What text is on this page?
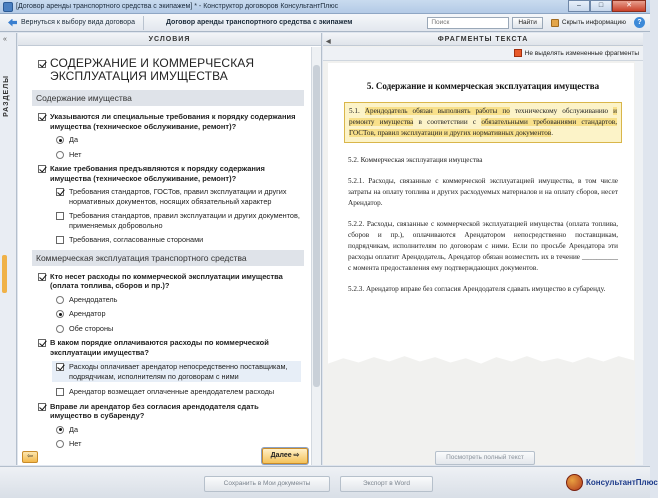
[Договор аренды транспортного средства с экипажем] * - Конструктор договоров КонсультантПлюс	–	□	✕
Вернуться к выбору вида договора	Договор аренды транспортного средства с экипажем
Поиск	Найти	Скрыть информацию	?
«
РАЗДЕЛЫ
УСЛОВИЯ
СОДЕРЖАНИЕ И КОММЕРЧЕСКАЯ ЭКСПЛУАТАЦИЯ ИМУЩЕСТВА
Содержание имущества
Указываются ли специальные требования к порядку содержания имущества (техническое обслуживание, ремонт)?
Да
Нет
Какие требования предъявляются к порядку содержания имущества (техническое обслуживание, ремонт)?
Требования стандартов, ГОСТов, правил эксплуатации и других нормативных документов, носящих обязательный характер
Требования стандартов, правил эксплуатации и других документов, применяемых добровольно
Требования, согласованные сторонами
Коммерческая эксплуатация транспортного средства
Кто несет расходы по коммерческой эксплуатации имущества (оплата топлива, сборов и пр.)?
Арендодатель
Арендатор
Обе стороны
В каком порядке оплачиваются расходы по коммерческой эксплуатации имущества?
Расходы оплачивает арендатор непосредственно поставщикам, подрядчикам, исполнителям по договорам с ними
Арендатор возмещает оплаченные арендодателем расходы
Вправе ли арендатор без согласия арендодателя сдать имущество в субаренду?
Да
Нет
⇦	Далее ⇨
◀	ФРАГМЕНТЫ ТЕКСТА
Не выделять измененные фрагменты
5. Содержание и коммерческая эксплуатация имущества
5.1. Арендодатель обязан выполнять работы по техническому обслуживанию и ремонту имущества в соответствии с обязательными требованиями стандартов, ГОСТов, правил эксплуатации и других нормативных документов.
5.2. Коммерческая эксплуатация имущества
5.2.1. Расходы, связанные с коммерческой эксплуатацией имущества, в том числе затраты на оплату топлива и других расходуемых материалов и на оплату сборов, несет Арендатор.
5.2.2. Расходы, связанные с коммерческой эксплуатацией имущества (оплата топлива, сборов и пр.), оплачиваются Арендатором непосредственно поставщикам, подрядчикам, исполнителям по договорам с ними. Если по просьбе Арендатора эти расходы оплатит Арендодатель, Арендатор обязан возместить их в течение __________ с момента предоставления ему подтверждающих документов.
5.2.3. Арендатор вправе без согласия Арендодателя сдавать имущество в субаренду.
Посмотреть полный текст
Сохранить в Мои документы	Экспорт в Word	КонсультантПлюс
